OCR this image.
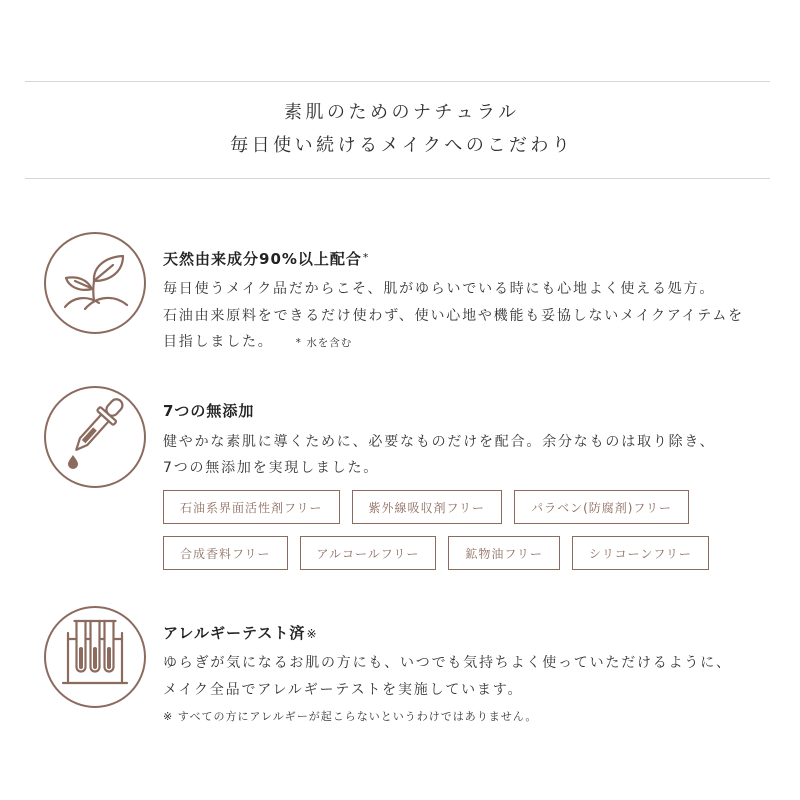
素肌のためのナチュラル
毎日使い続けるメイクへのこだわり
天然由来成分90%以上配合*
毎日使うメイク品だからこそ、肌がゆらいでいる時にも心地よく使える処方。
石油由来原料をできるだけ使わず、使い心地や機能も妥協しないメイクアイテムを
目指しました。 * 水を含む
7つの無添加
健やかな素肌に導くために、必要なものだけを配合。余分なものは取り除き、
7つの無添加を実現しました。
石油系界面活性剤フリー	紫外線吸収剤フリー	パラベン(防腐剤)フリー
合成香料フリー	アルコールフリー	鉱物油フリー	シリコーンフリー
アレルギーテスト済※
ゆらぎが気になるお肌の方にも、いつでも気持ちよく使っていただけるように、
メイク全品でアレルギーテストを実施しています。
※ すべての方にアレルギーが起こらないというわけではありません。
